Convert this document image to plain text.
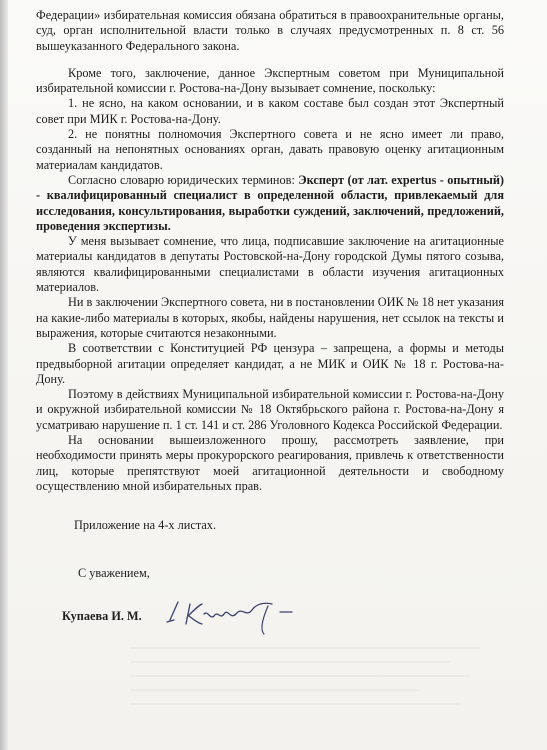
Федерации» избирательная комиссия обязана обратиться в правоохранительные органы, суд, орган исполнительной власти только в случаях предусмотренных п. 8 ст. 56 вышеуказанного Федерального закона.

Кроме того, заключение, данное Экспертным советом при Муниципальной избирательной комиссии г. Ростова-на-Дону вызывает сомнение, поскольку:

1. не ясно, на каком основании, и в каком составе был создан этот Экспертный совет при МИК г. Ростова-на-Дону.

2. не понятны полномочия Экспертного совета и не ясно имеет ли право, созданный на непонятных основаниях орган, давать правовую оценку агитационным материалам кандидатов.

Согласно словарю юридических терминов: Эксперт (от лат. expertus - опытный) - квалифицированный специалист в определенной области, привлекаемый для исследования, консультирования, выработки суждений, заключений, предложений, проведения экспертизы.

У меня вызывает сомнение, что лица, подписавшие заключение на агитационные материалы кандидатов в депутаты Ростовской-на-Дону городской Думы пятого созыва, являются квалифицированными специалистами в области изучения агитационных материалов.

Ни в заключении Экспертного совета, ни в постановлении ОИК № 18 нет указания на какие-либо материалы в которых, якобы, найдены нарушения, нет ссылок на тексты и выражения, которые считаются незаконными.

В соответствии с Конституцией РФ цензура – запрещена, а формы и методы предвыборной агитации определяет кандидат, а не МИК и ОИК № 18 г. Ростова-на-Дону.

Поэтому в действиях Муниципальной избирательной комиссии г. Ростова-на-Дону и окружной избирательной комиссии № 18 Октябрьского района г. Ростова-на-Дону я усматриваю нарушение п. 1 ст. 141 и ст. 286 Уголовного Кодекса Российской Федерации.

На основании вышеизложенного прошу, рассмотреть заявление, при необходимости принять меры прокурорского реагирования, привлечь к ответственности лиц, которые препятствуют моей агитационной деятельности и свободному осуществлению мной избирательных прав.

Приложение на 4-х листах.
С уважением,
Купаева И. М.
